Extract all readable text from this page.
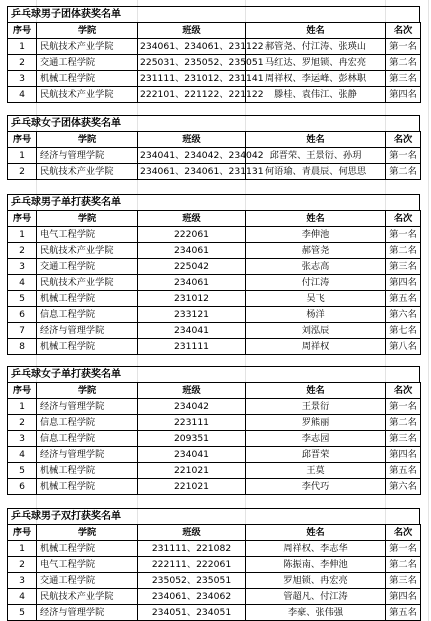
乒乓球男子团体获奖名单
序号	学院	班级	姓名	名次
1	民航技术产业学院	234061、234061、231122	郝管尧、付江涛、张瑛山	第一名
2	交通工程学院	225031、235052、235051	马红达、罗旭锁、冉宏亮	第二名
3	机械工程学院	231111、231012、231141	周祥权、李运峰、彭林职	第三名
4	民航技术产业学院	222101、221122、221122	滕桂、袁伟江、张静	第四名
乒乓球女子团体获奖名单
序号	学院	班级	姓名	名次
1	经济与管理学院	234041、234042、234042	邱晋荣、王景衍、孙玥	第一名
2	民航技术产业学院	234061、234061、231131	何语瑜、青晨辰、何思思	第二名
乒乓球男子单打获奖名单
序号	学院	班级	姓名	名次
1	电气工程学院	222061	李伸池	第一名
2	民航技术产业学院	234061	郝管尧	第二名
3	交通工程学院	225042	张志高	第三名
4	民航技术产业学院	234061	付江涛	第四名
5	机械工程学院	231012	吴飞	第五名
6	信息工程学院	233121	杨洋	第六名
7	经济与管理学院	234041	刘泓辰	第七名
8	机械工程学院	231111	周祥权	第八名
乒乓球女子单打获奖名单
序号	学院	班级	姓名	名次
1	经济与管理学院	234042	王景衍	第一名
2	信息工程学院	223111	罗熊丽	第二名
3	信息工程学院	209351	李志园	第三名
4	经济与管理学院	234041	邱晋荣	第四名
5	机械工程学院	221021	王莫	第五名
6	机械工程学院	221021	李代巧	第六名
乒乓球男子双打获奖名单
序号	学院	班级	姓名	名次
1	机械工程学院	231111、221082	周祥权、李志华	第一名
2	电气工程学院	222111、222061	陈振南、李伸池	第二名
3	交通工程学院	235052、235051	罗旭锁、冉宏亮	第三名
4	民航技术产业学院	234061、234062	管超凡、付江涛	第四名
5	经济与管理学院	234051、234051	李豪、张伟强	第五名
